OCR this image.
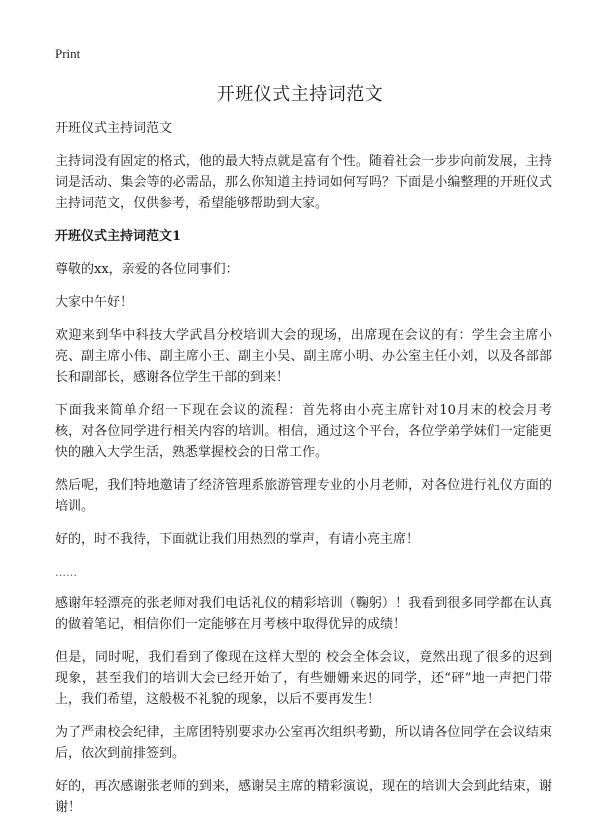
Print
开班仪式主持词范文

开班仪式主持词范文

主持词没有固定的格式，他的最大特点就是富有个性。随着社会一步步向前发展，主持词是活动、集会等的必需品，那么你知道主持词如何写吗？下面是小编整理的开班仪式主持词范文，仅供参考，希望能够帮助到大家。

开班仪式主持词范文1

尊敬的xx，亲爱的各位同事们：

大家中午好！

欢迎来到华中科技大学武昌分校培训大会的现场，出席现在会议的有：学生会主席小亮、副主席小伟、副主席小王、副主小吴、副主席小明、办公室主任小刘，以及各部部长和副部长，感谢各位学生干部的到来！

下面我来简单介绍一下现在会议的流程：首先将由小亮主席针对10月末的校会月考核，对各位同学进行相关内容的培训。相信，通过这个平台，各位学弟学妹们一定能更快的融入大学生活，熟悉掌握校会的日常工作。

然后呢，我们特地邀请了经济管理系旅游管理专业的小月老师，对各位进行礼仪方面的培训。

好的，时不我待，下面就让我们用热烈的掌声，有请小亮主席！

……

感谢年轻漂亮的张老师对我们电话礼仪的精彩培训（鞠躬）！我看到很多同学都在认真的做着笔记，相信你们一定能够在月考核中取得优异的成绩！

但是，同时呢，我们看到了像现在这样大型的 校会全体会议，竟然出现了很多的迟到现象，甚至我们的培训大会已经开始了，有些姗姗来迟的同学，还“砰”地一声把门带上，我们希望，这般极不礼貌的现象，以后不要再发生！

为了严肃校会纪律，主席团特别要求办公室再次组织考勤，所以请各位同学在会议结束后，依次到前排签到。

好的，再次感谢张老师的到来，感谢吴主席的精彩演说，现在的培训大会到此结束，谢谢！
